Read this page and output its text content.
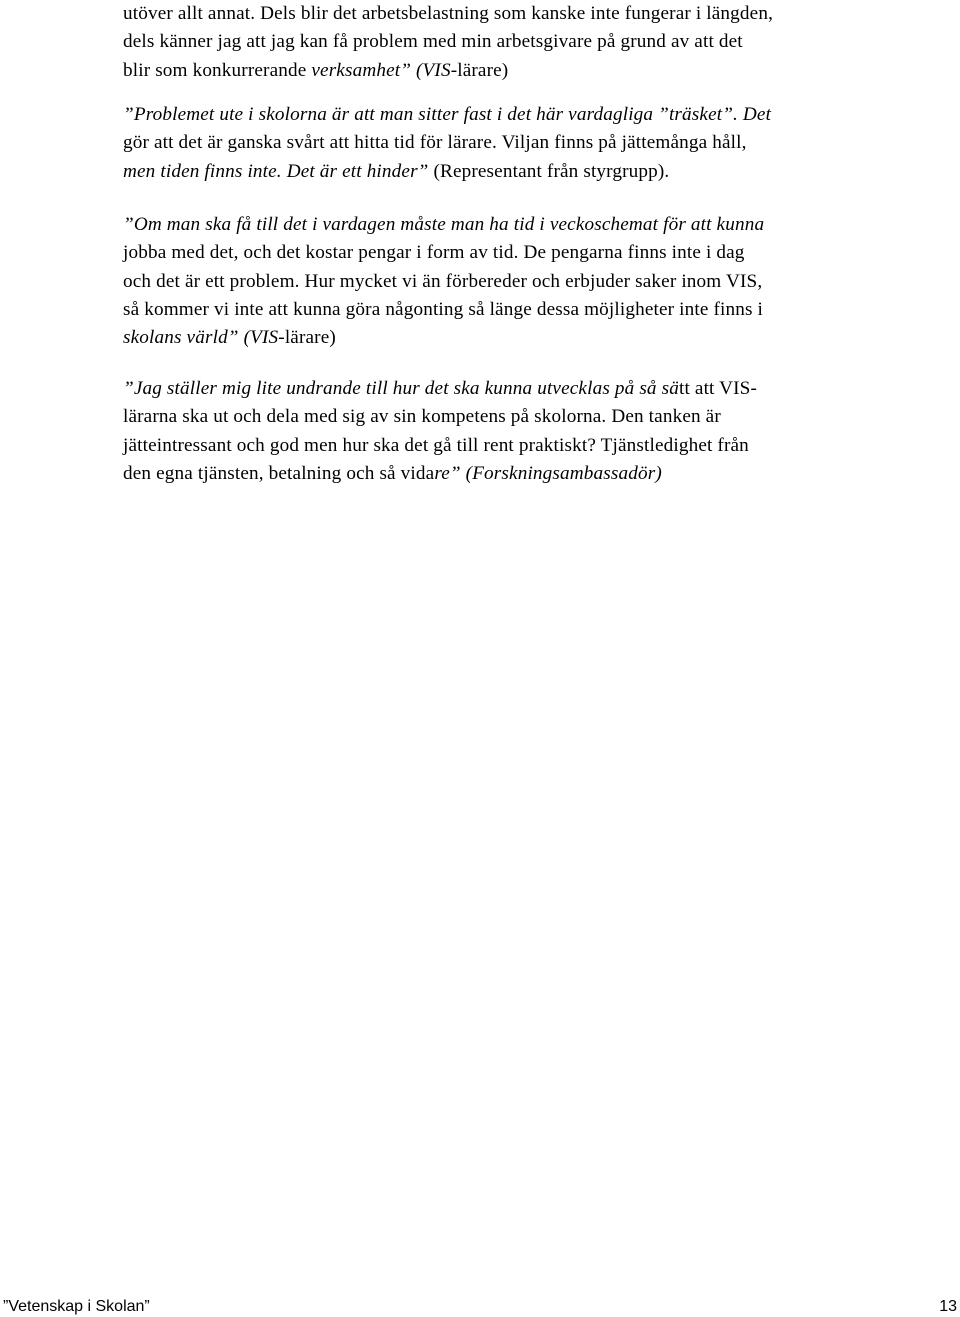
utöver allt annat. Dels blir det arbetsbelastning som kanske inte fungerar i längden,
dels känner jag att jag kan få problem med min arbetsgivare på grund av att det
blir som konkurrerande verksamhet” (VIS-lärare)

”Problemet ute i skolorna är att man sitter fast i det här vardagliga ”träsket”. Det
gör att det är ganska svårt att hitta tid för lärare. Viljan finns på jättemånga håll,
men tiden finns inte. Det är ett hinder” (Representant från styrgrupp).

”Om man ska få till det i vardagen måste man ha tid i veckoschemat för att kunna
jobba med det, och det kostar pengar i form av tid. De pengarna finns inte i dag
och det är ett problem. Hur mycket vi än förbereder och erbjuder saker inom VIS,
så kommer vi inte att kunna göra någonting så länge dessa möjligheter inte finns i
skolans värld” (VIS-lärare)

”Jag ställer mig lite undrande till hur det ska kunna utvecklas på så sätt att VIS-
lärarna ska ut och dela med sig av sin kompetens på skolorna. Den tanken är
jätteintressant och god men hur ska det gå till rent praktiskt? Tjänstledighet från
den egna tjänsten, betalning och så vidare” (Forskningsambassadör)

”Vetenskap i Skolan”	13
